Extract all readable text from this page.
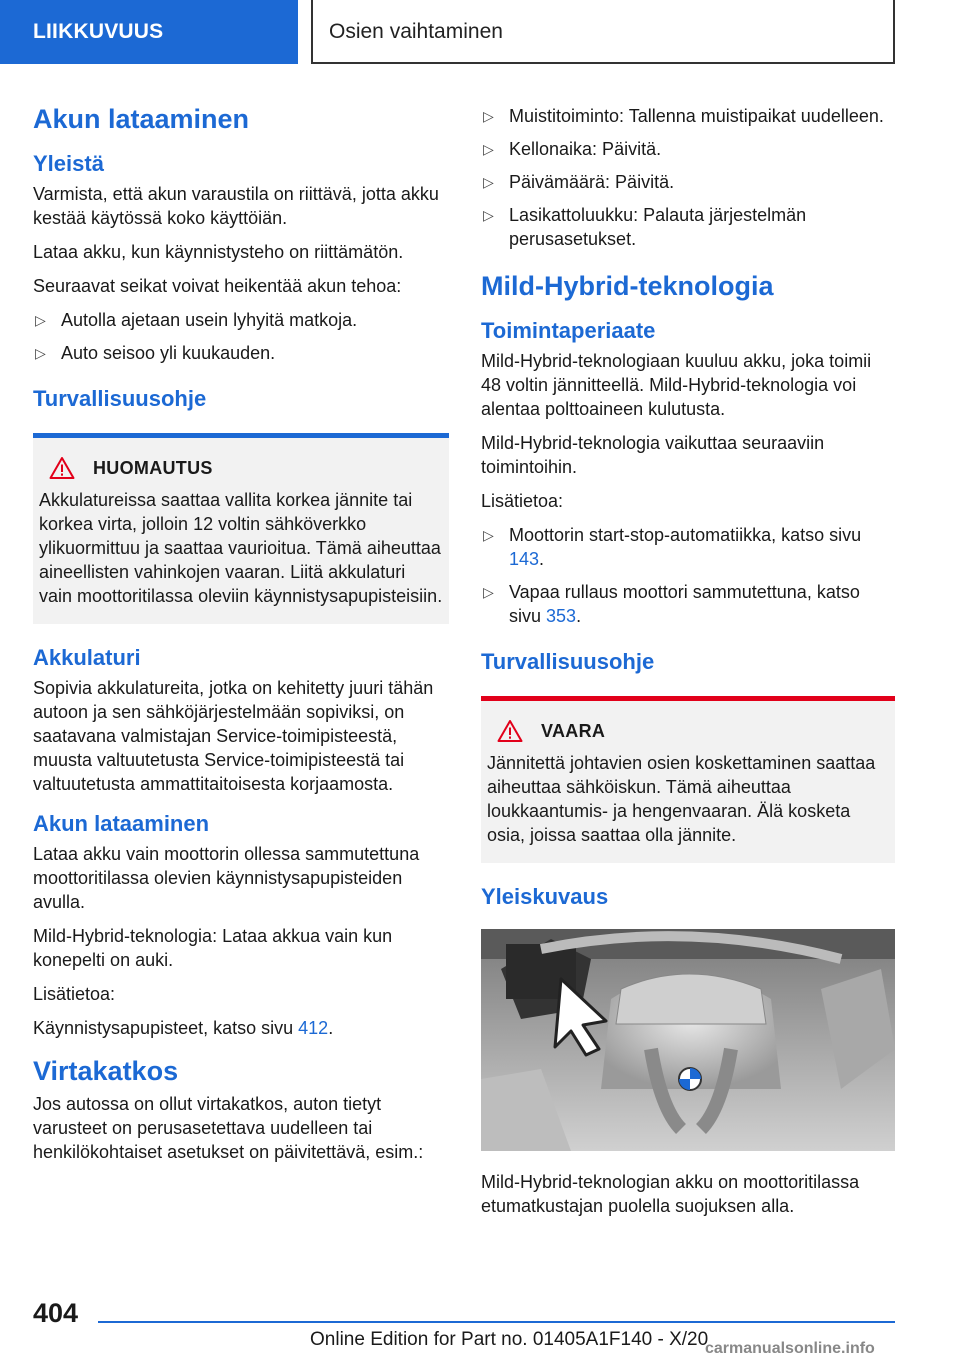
LIIKKUVUUS	Osien vaihtaminen
Akun lataaminen
Yleistä

Varmista, että akun varaustila on riittävä, jotta akku kestää käytössä koko käyttöiän.

Lataa akku, kun käynnistysteho on riittämätön.

Seuraavat seikat voivat heikentää akun tehoa:

▷ Autolla ajetaan usein lyhyitä matkoja.
▷ Auto seisoo yli kuukauden.
Turvallisuusohje
HUOMAUTUS

Akkulatureissa saattaa vallita korkea jännite tai korkea virta, jolloin 12 voltin sähköverkko ylikuormittuu ja saattaa vaurioitua. Tämä aiheuttaa aineellisten vahinkojen vaaran. Liitä akkulaturi vain moottoritilassa oleviin käynnistysapupisteisiin.

Akkulaturi

Sopivia akkulatureita, jotka on kehitetty juuri tähän autoon ja sen sähköjärjestelmään sopiviksi, on saatavana valmistajan Service-toimipisteestä, muusta valtuutetusta Service-toimipisteestä tai valtuutetusta ammattitaitoisesta korjaamosta.

Akun lataaminen

Lataa akku vain moottorin ollessa sammutettuna moottoritilassa olevien käynnistysapupisteiden avulla.

Mild-Hybrid-teknologia: Lataa akkua vain kun konepelti on auki.

Lisätietoa:

Käynnistysapupisteet, katso sivu 412.

Virtakatkos

Jos autossa on ollut virtakatkos, auton tietyt varusteet on perusasetettava uudelleen tai henkilökohtaiset asetukset on päivitettävä, esim.:

▷ Muistitoiminto: Tallenna muistipaikat uudelleen.
▷ Kellonaika: Päivitä.
▷ Päivämäärä: Päivitä.
▷ Lasikattoluukku: Palauta järjestelmän perusasetukset.
Mild-Hybrid-teknologia
Toimintaperiaate

Mild-Hybrid-teknologiaan kuuluu akku, joka toimii 48 voltin jännitteellä. Mild-Hybrid-teknologia voi alentaa polttoaineen kulutusta.

Mild-Hybrid-teknologia vaikuttaa seuraaviin toimintoihin.

Lisätietoa:

▷ Moottorin start-stop-automatiikka, katso sivu 143.
▷ Vapaa rullaus moottori sammutettuna, katso sivu 353.
Turvallisuusohje
VAARA

Jännitettä johtavien osien koskettaminen saattaa aiheuttaa sähköiskun. Tämä aiheuttaa loukkaantumis- ja hengenvaaran. Älä kosketa osia, joissa saattaa olla jännite.

Yleiskuvaus

Mild-Hybrid-teknologian akku on moottoritilassa etumatkustajan puolella suojuksen alla.

404
Online Edition for Part no. 01405A1F140 - X/20
carmanualsonline.info
